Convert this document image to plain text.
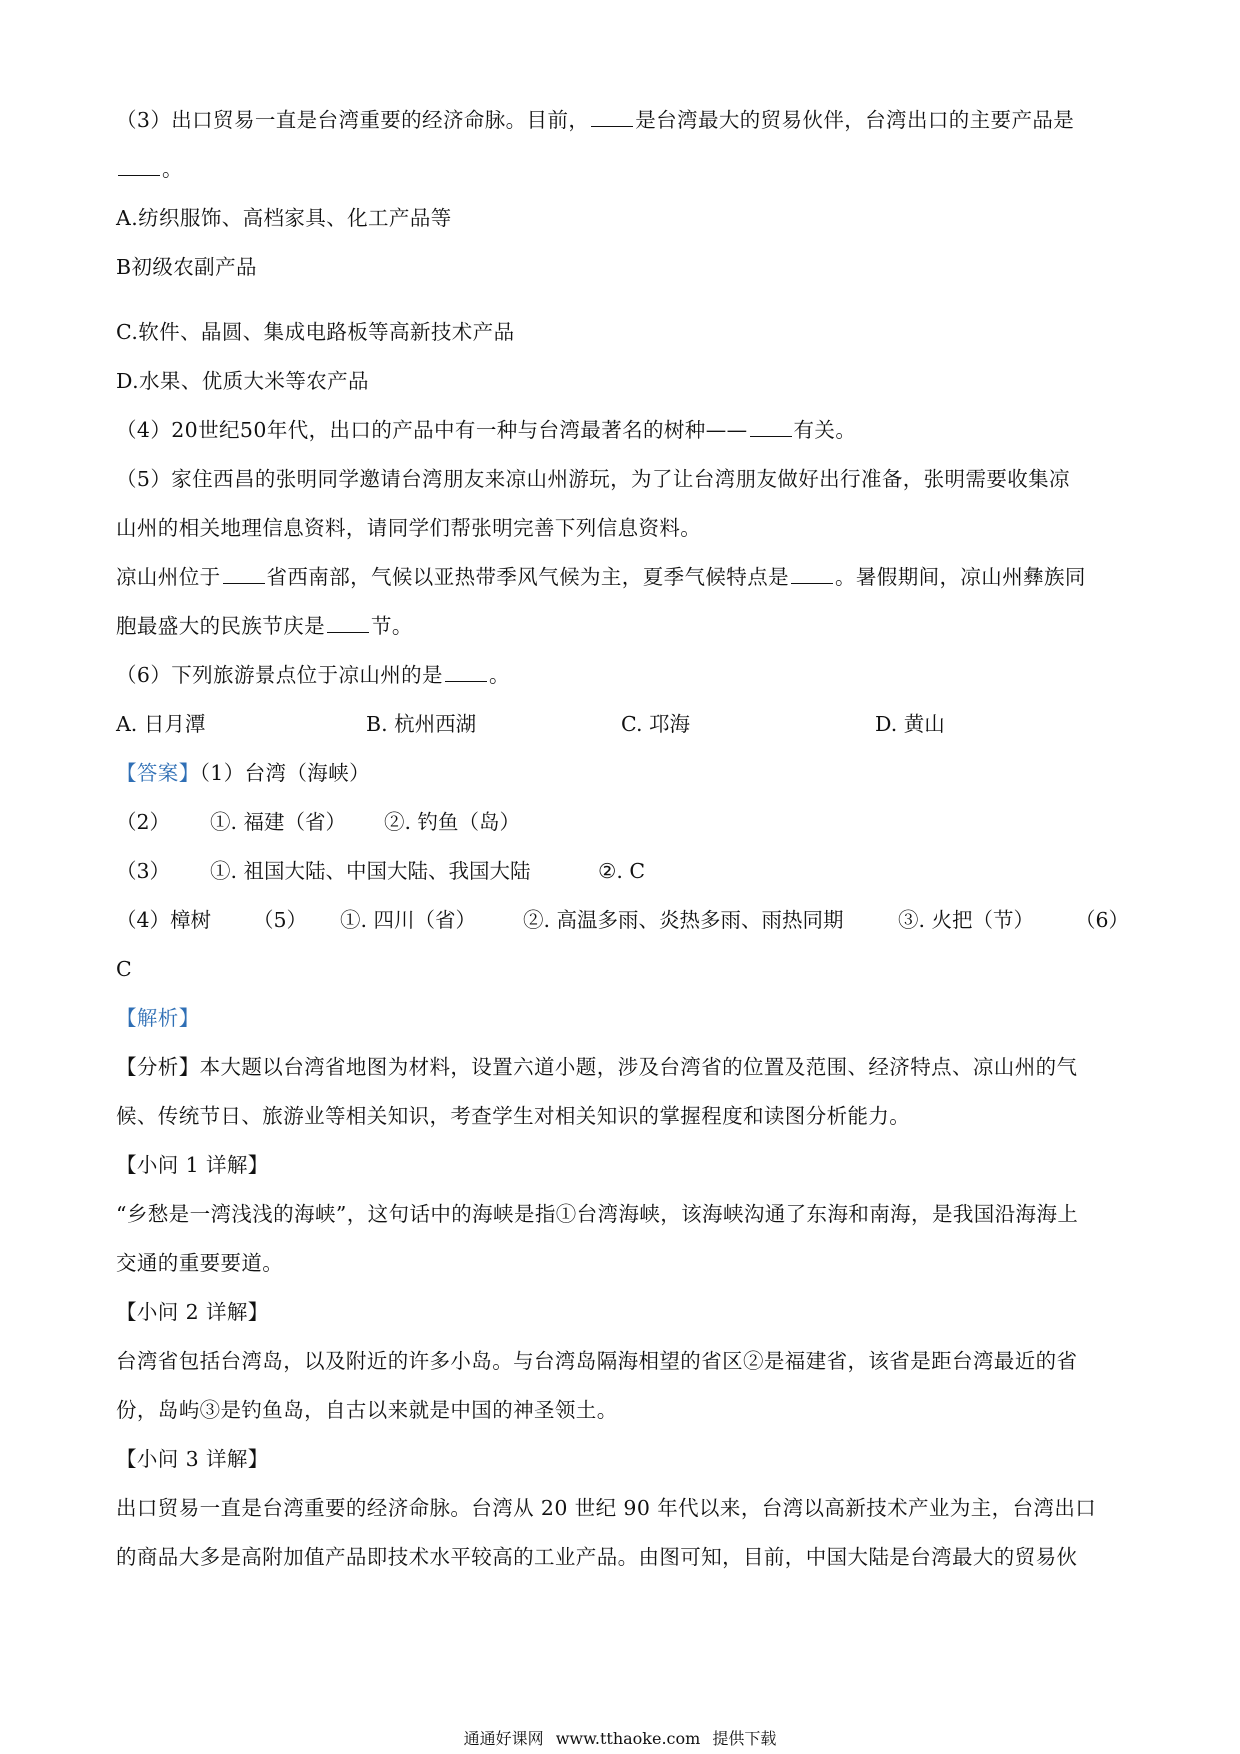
（3）出口贸易一直是台湾重要的经济命脉。目前， 是台湾最大的贸易伙伴，台湾出口的主要产品是
。
A.纺织服饰、高档家具、化工产品等
B初级农副产品
C.软件、晶圆、集成电路板等高新技术产品
D.水果、优质大米等农产品
（4）20世纪50年代，出口的产品中有一种与台湾最著名的树种—— 有关。
（5）家住西昌的张明同学邀请台湾朋友来凉山州游玩，为了让台湾朋友做好出行准备，张明需要收集凉
山州的相关地理信息资料，请同学们帮张明完善下列信息资料。
凉山州位于 省西南部，气候以亚热带季风气候为主，夏季气候特点是 。暑假期间，凉山州彝族同
胞最盛大的民族节庆是 节。
（6）下列旅游景点位于凉山州的是 。
A. 日月潭	B. 杭州西湖	C. 邛海	D. 黄山
【答案】（1）台湾（海峡）
（2） ①. 福建（省） ②. 钓鱼（岛）
（3） ①. 祖国大陆、中国大陆、我国大陆	②. C
（4）樟树 （5） ①. 四川（省） ②. 高温多雨、炎热多雨、雨热同期	③. 火把（节） （6）
C
【解析】
【分析】本大题以台湾省地图为材料，设置六道小题，涉及台湾省的位置及范围、经济特点、凉山州的气
候、传统节日、旅游业等相关知识，考查学生对相关知识的掌握程度和读图分析能力。
【小问 1 详解】
“乡愁是一湾浅浅的海峡”，这句话中的海峡是指①台湾海峡，该海峡沟通了东海和南海，是我国沿海海上
交通的重要要道。
【小问 2 详解】
台湾省包括台湾岛，以及附近的许多小岛。与台湾岛隔海相望的省区②是福建省，该省是距台湾最近的省
份，岛屿③是钓鱼岛，自古以来就是中国的神圣领土。
【小问 3 详解】
出口贸易一直是台湾重要的经济命脉。台湾从 20 世纪 90 年代以来，台湾以高新技术产业为主，台湾出口
的商品大多是高附加值产品即技术水平较高的工业产品。由图可知，目前，中国大陆是台湾最大的贸易伙
通通好课网 www.tthaoke.com 提供下载
